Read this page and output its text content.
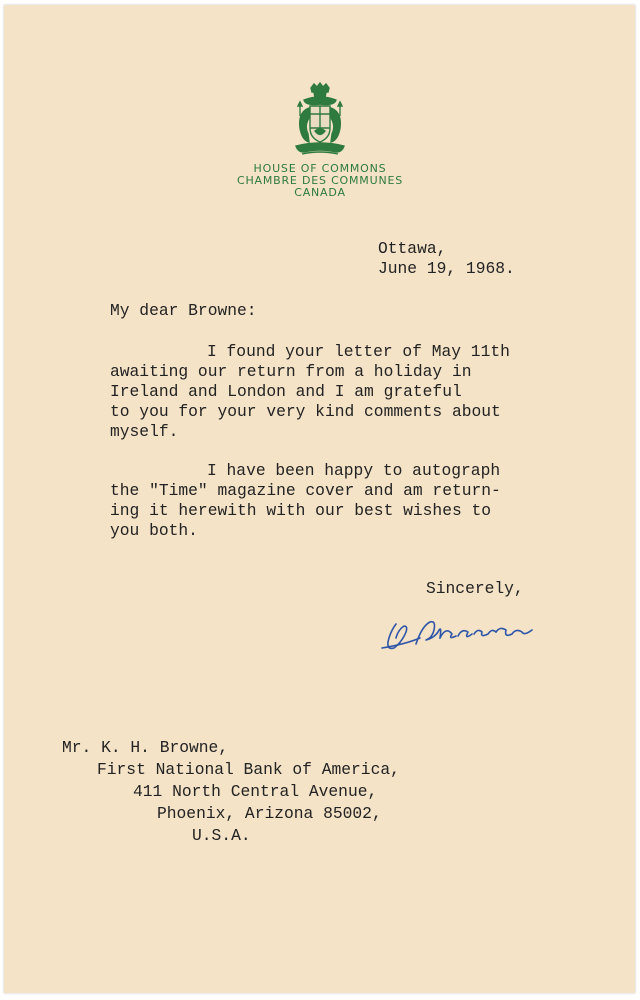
HOUSE OF COMMONS
CHAMBRE DES COMMUNES
CANADA
Ottawa,
June 19, 1968.
My dear Browne:
I found your letter of May 11th
awaiting our return from a holiday in
Ireland and London and I am grateful
to you for your very kind comments about
myself.
I have been happy to autograph
the "Time" magazine cover and am return-
ing it herewith with our best wishes to
you both.
Sincerely,
Mr. K. H. Browne,
First National Bank of America,
411 North Central Avenue,
Phoenix, Arizona 85002,
U.S.A.
